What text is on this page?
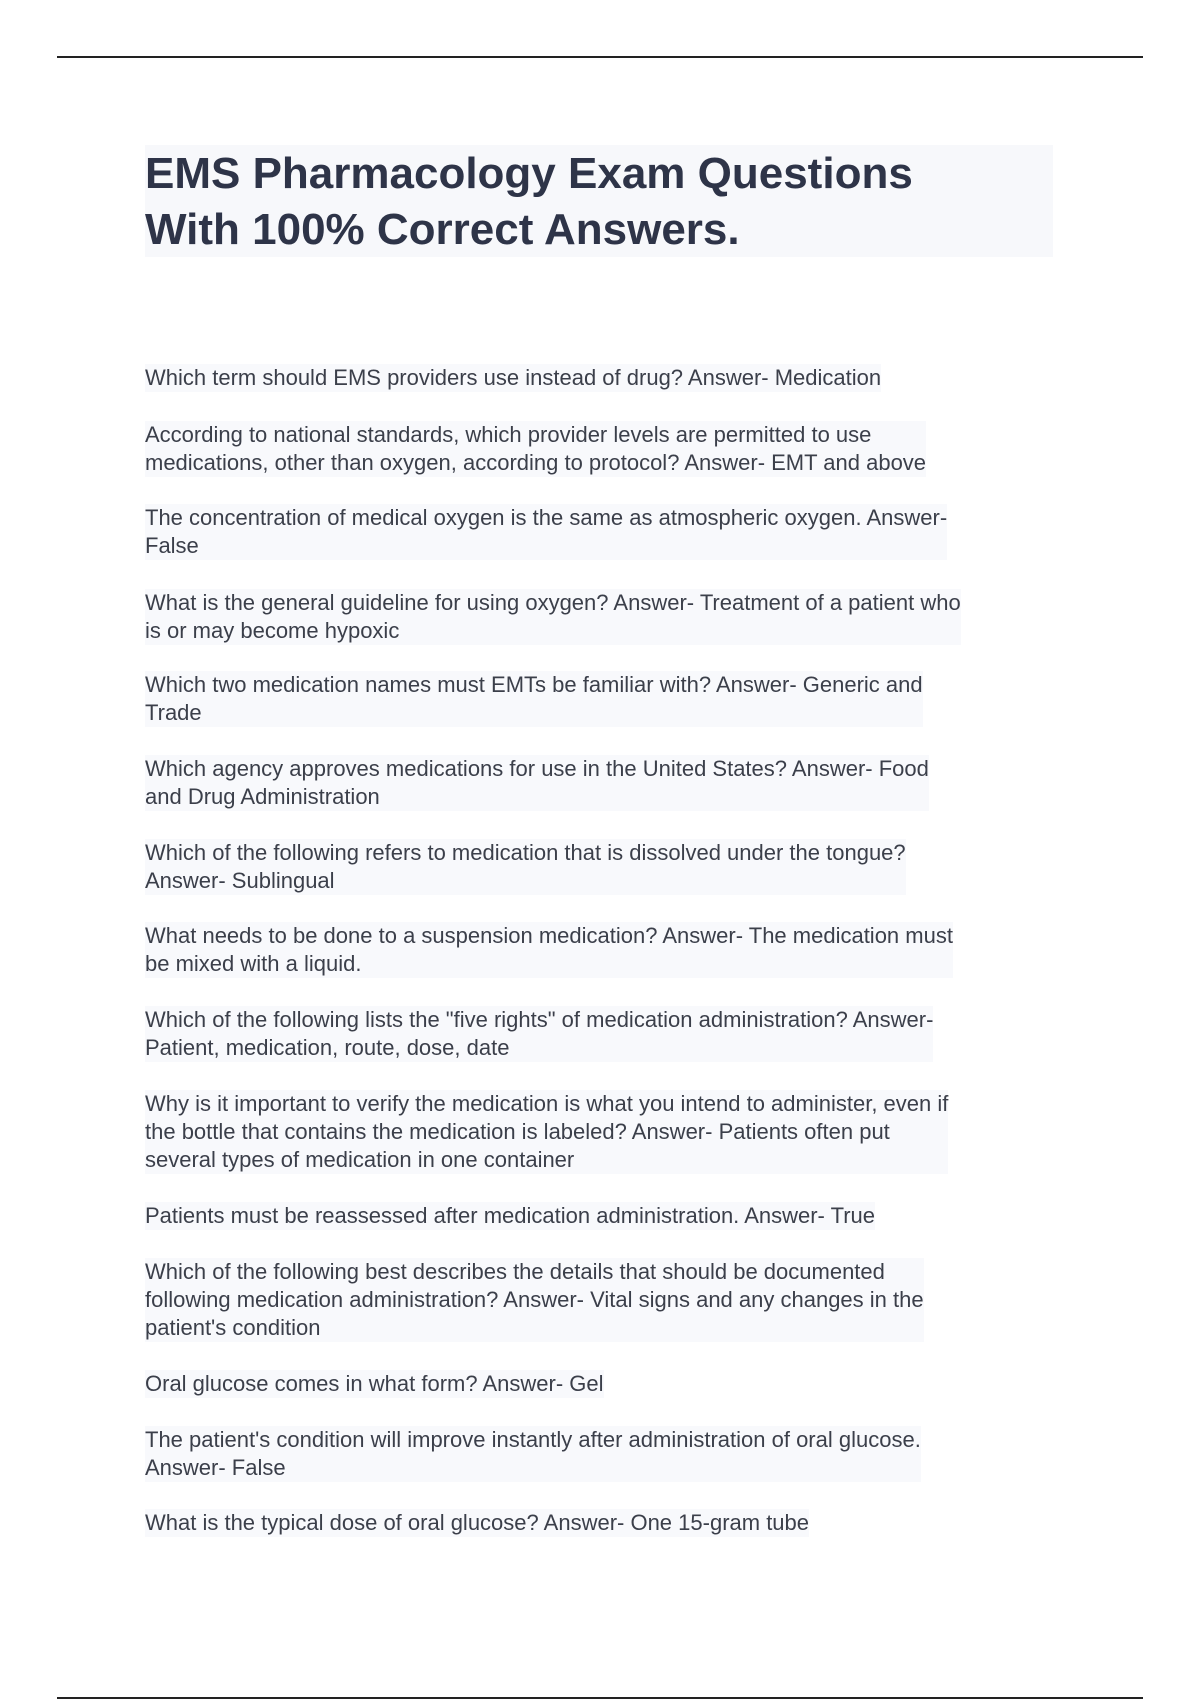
EMS Pharmacology Exam Questions
With 100% Correct Answers.
Which term should EMS providers use instead of drug? Answer- Medication
According to national standards, which provider levels are permitted to use
medications, other than oxygen, according to protocol? Answer- EMT and above
The concentration of medical oxygen is the same as atmospheric oxygen. Answer-
False
What is the general guideline for using oxygen? Answer- Treatment of a patient who
is or may become hypoxic
Which two medication names must EMTs be familiar with? Answer- Generic and
Trade
Which agency approves medications for use in the United States? Answer- Food
and Drug Administration
Which of the following refers to medication that is dissolved under the tongue?
Answer- Sublingual
What needs to be done to a suspension medication? Answer- The medication must
be mixed with a liquid.
Which of the following lists the "five rights" of medication administration? Answer-
Patient, medication, route, dose, date
Why is it important to verify the medication is what you intend to administer, even if
the bottle that contains the medication is labeled? Answer- Patients often put
several types of medication in one container
Patients must be reassessed after medication administration. Answer- True
Which of the following best describes the details that should be documented
following medication administration? Answer- Vital signs and any changes in the
patient's condition
Oral glucose comes in what form? Answer- Gel
The patient's condition will improve instantly after administration of oral glucose.
Answer- False
What is the typical dose of oral glucose? Answer- One 15-gram tube
